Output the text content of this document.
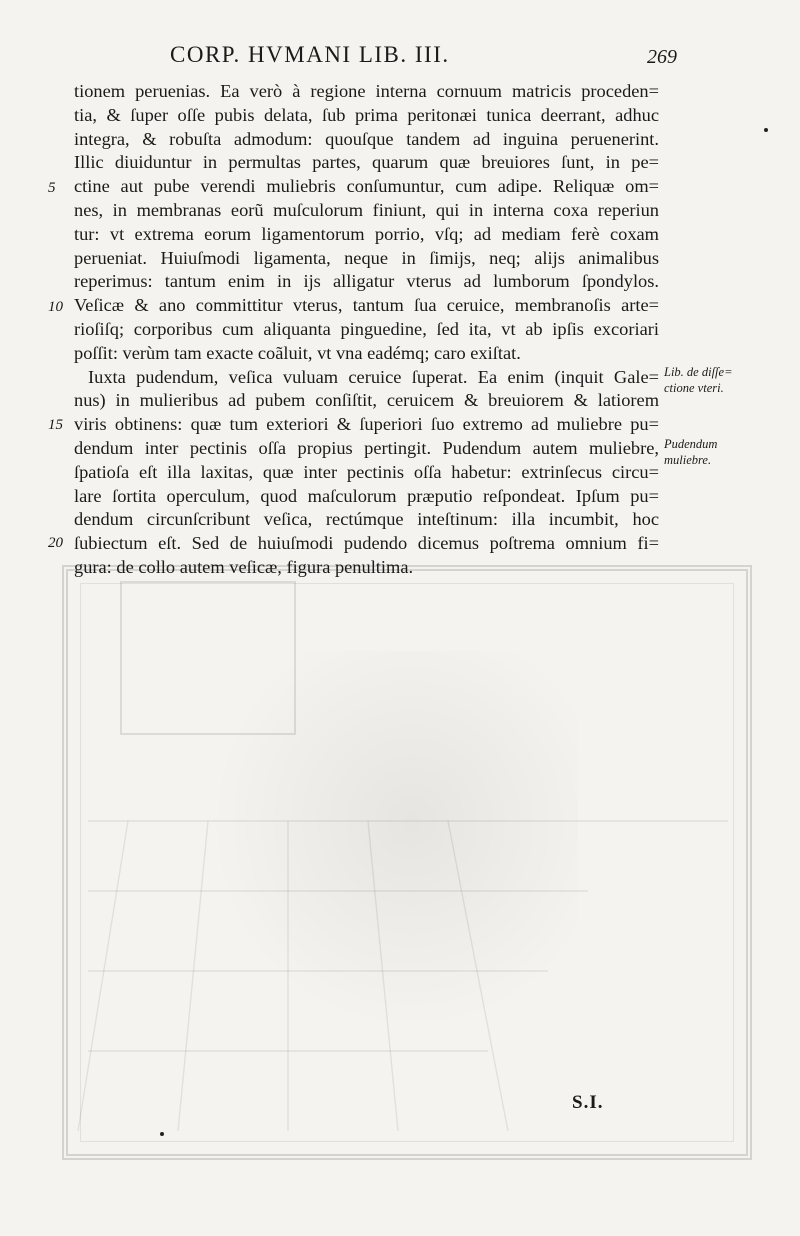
CORP. HVMANI LIB. III.	269
tionem peruenias. Ea verò à regione interna cornuum matricis proceden=
tia, & ſuper oſſe pubis delata, ſub prima peritonæi tunica deerrant, adhuc
integra, & robuſta admodum: quouſque tandem ad inguina peruenerint.
Illic diuiduntur in permultas partes, quarum quæ breuiores ſunt, in pe=
ctine aut pube verendi muliebris conſumuntur, cum adipe. Reliquæ om=
nes, in membranas eorũ muſculorum finiunt, qui in interna coxa reperiun
tur: vt extrema eorum ligamentorum porrio, vſq; ad mediam ferè coxam
perueniat. Huiuſmodi ligamenta, neque in ſimijs, neq; alijs animalibus
reperimus: tantum enim in ijs alligatur vterus ad lumborum ſpondylos.
Veſicæ & ano committitur vterus, tantum ſua ceruice, membranoſis arte=
rioſiſq; corporibus cum aliquanta pinguedine, ſed ita, vt ab ipſis excoriari
poſſit: verùm tam exacte coãluit, vt vna eadémq; caro exiſtat.
Iuxta pudendum, veſica vuluam ceruice ſuperat. Ea enim (inquit Gale=
nus) in mulieribus ad pubem conſiſtit, ceruicem & breuiorem & latiorem
viris obtinens: quæ tum exteriori & ſuperiori ſuo extremo ad muliebre pu=
dendum inter pectinis oſſa propius pertingit. Pudendum autem muliebre,
ſpatioſa eſt illa laxitas, quæ inter pectinis oſſa habetur: extrinſecus circu=
lare ſortita operculum, quod maſculorum præputio reſpondeat. Ipſum pu=
dendum circunſcribunt veſica, rectúmque inteſtinum: illa incumbit, hoc
ſubiectum eſt. Sed de huiuſmodi pudendo dicemus poſtrema omnium fi=
gura: de collo autem veſicæ, figura penultima.
5
10
15
20
Lib. de diſſe=
ctione vteri.
Pudendum
muliebre.
S.I.
